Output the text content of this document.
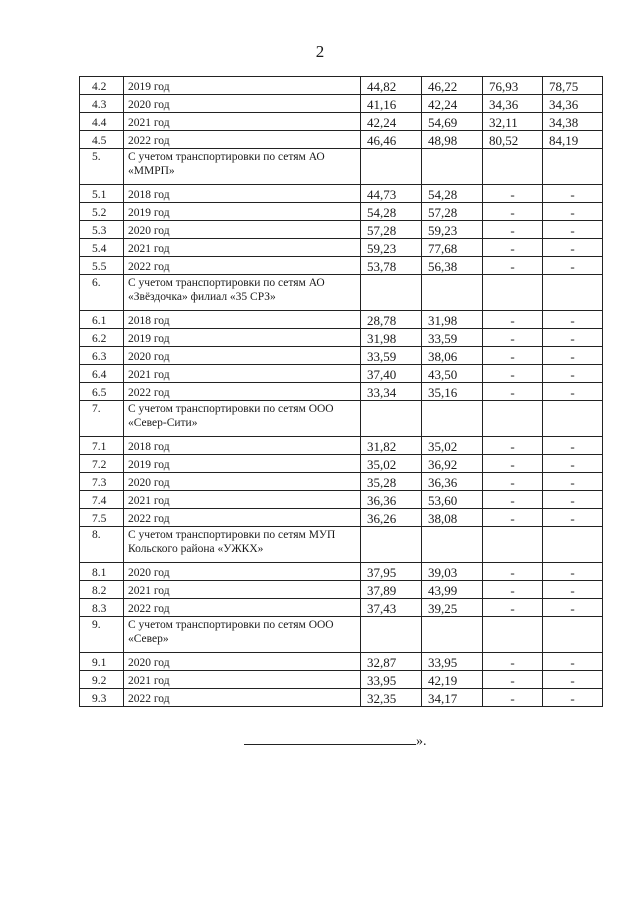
2
4.2	2019 год	44,82	46,22	76,93	78,75
4.3	2020 год	41,16	42,24	34,36	34,36
4.4	2021 год	42,24	54,69	32,11	34,38
4.5	2022 год	46,46	48,98	80,52	84,19
5.	С учетом транспортировки по сетям АО «МMРП»				
5.1	2018 год	44,73	54,28	-	-
5.2	2019 год	54,28	57,28	-	-
5.3	2020 год	57,28	59,23	-	-
5.4	2021 год	59,23	77,68	-	-
5.5	2022 год	53,78	56,38	-	-
6.	С учетом транспортировки по сетям АО «Звёздочка» филиал «35 СРЗ»				
6.1	2018 год	28,78	31,98	-	-
6.2	2019 год	31,98	33,59	-	-
6.3	2020 год	33,59	38,06	-	-
6.4	2021 год	37,40	43,50	-	-
6.5	2022 год	33,34	35,16	-	-
7.	С учетом транспортировки по сетям ООО «Север-Сити»				
7.1	2018 год	31,82	35,02	-	-
7.2	2019 год	35,02	36,92	-	-
7.3	2020 год	35,28	36,36	-	-
7.4	2021 год	36,36	53,60	-	-
7.5	2022 год	36,26	38,08	-	-
8.	С учетом транспортировки по сетям МУП Кольского района «УЖКХ»				
8.1	2020 год	37,95	39,03	-	-
8.2	2021 год	37,89	43,99	-	-
8.3	2022 год	37,43	39,25	-	-
9.	С учетом транспортировки по сетям ООО «Север»				
9.1	2020 год	32,87	33,95	-	-
9.2	2021 год	33,95	42,19	-	-
9.3	2022 год	32,35	34,17	-	-
».
